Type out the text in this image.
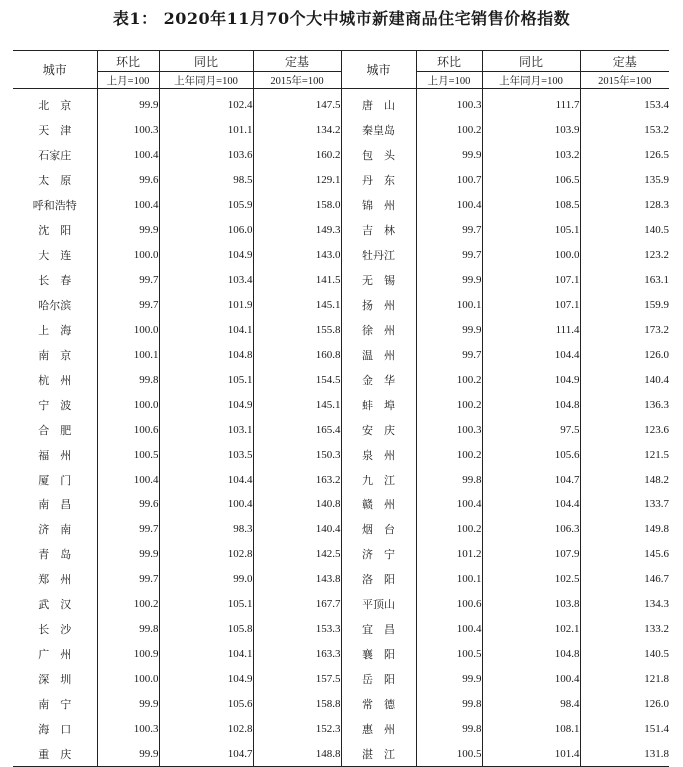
表1： 2020年11月70个大中城市新建商品住宅销售价格指数
城市	环比	同比	定基	城市	环比	同比	定基
	上月=100	上年同月=100	2015年=100		上月=100	上年同月=100	2015年=100
北　京	99.9	102.4	147.5	唐　山	100.3	111.7	153.4
天　津	100.3	101.1	134.2	秦皇岛	100.2	103.9	153.2
石家庄	100.4	103.6	160.2	包　头	99.9	103.2	126.5
太　原	99.6	98.5	129.1	丹　东	100.7	106.5	135.9
呼和浩特	100.4	105.9	158.0	锦　州	100.4	108.5	128.3
沈　阳	99.9	106.0	149.3	吉　林	99.7	105.1	140.5
大　连	100.0	104.9	143.0	牡丹江	99.7	100.0	123.2
长　春	99.7	103.4	141.5	无　锡	99.9	107.1	163.1
哈尔滨	99.7	101.9	145.1	扬　州	100.1	107.1	159.9
上　海	100.0	104.1	155.8	徐　州	99.9	111.4	173.2
南　京	100.1	104.8	160.8	温　州	99.7	104.4	126.0
杭　州	99.8	105.1	154.5	金　华	100.2	104.9	140.4
宁　波	100.0	104.9	145.1	蚌　埠	100.2	104.8	136.3
合　肥	100.6	103.1	165.4	安　庆	100.3	97.5	123.6
福　州	100.5	103.5	150.3	泉　州	100.2	105.6	121.5
厦　门	100.4	104.4	163.2	九　江	99.8	104.7	148.2
南　昌	99.6	100.4	140.8	赣　州	100.4	104.4	133.7
济　南	99.7	98.3	140.4	烟　台	100.2	106.3	149.8
青　岛	99.9	102.8	142.5	济　宁	101.2	107.9	145.6
郑　州	99.7	99.0	143.8	洛　阳	100.1	102.5	146.7
武　汉	100.2	105.1	167.7	平顶山	100.6	103.8	134.3
长　沙	99.8	105.8	153.3	宜　昌	100.4	102.1	133.2
广　州	100.9	104.1	163.3	襄　阳	100.5	104.8	140.5
深　圳	100.0	104.9	157.5	岳　阳	99.9	100.4	121.8
南　宁	99.9	105.6	158.8	常　德	99.8	98.4	126.0
海　口	100.3	102.8	152.3	惠　州	99.8	108.1	151.4
重　庆	99.9	104.7	148.8	湛　江	100.5	101.4	131.8
